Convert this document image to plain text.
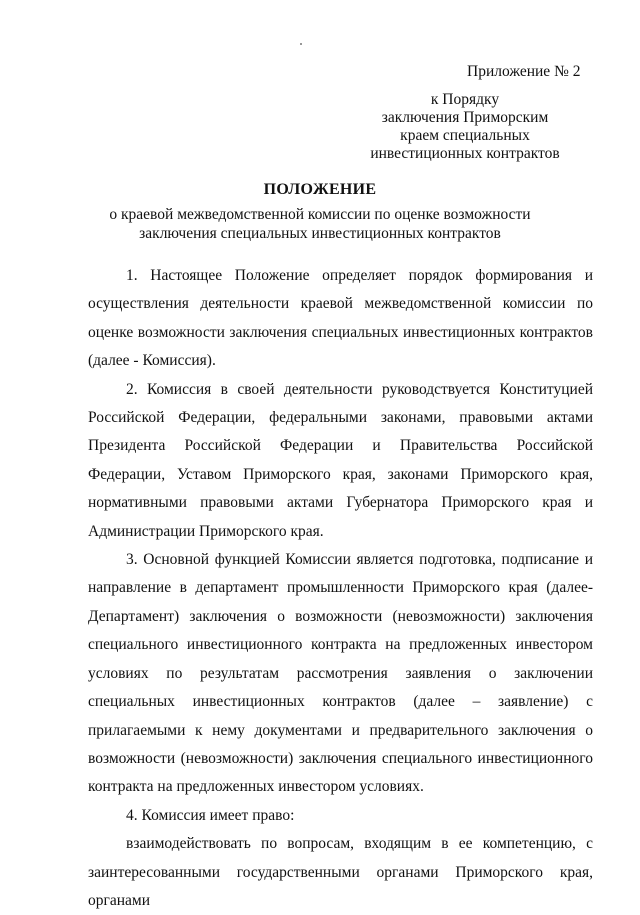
Приложение № 2
к Порядку
заключения Приморским
краем специальных
инвестиционных контрактов
ПОЛОЖЕНИЕ
о краевой межведомственной комиссии по оценке возможности
заключения специальных инвестиционных контрактов

1. Настоящее Положение определяет порядок формирования и осуществления деятельности краевой межведомственной комиссии по оценке возможности заключения специальных инвестиционных контрактов (далее - Комиссия).

2. Комиссия в своей деятельности руководствуется Конституцией Российской Федерации, федеральными законами, правовыми актами Президента Российской Федерации и Правительства Российской Федерации, Уставом Приморского края, законами Приморского края, нормативными правовыми актами Губернатора Приморского края и Администрации Приморского края.

3. Основной функцией Комиссии является подготовка, подписание и направление в департамент промышленности Приморского края (далее-Департамент) заключения о возможности (невозможности) заключения специального инвестиционного контракта на предложенных инвестором условиях по результатам рассмотрения заявления о заключении специальных инвестиционных контрактов (далее – заявление) с прилагаемыми к нему документами и предварительного заключения о возможности (невозможности) заключения специального инвестиционного контракта на предложенных инвестором условиях.

4. Комиссия имеет право:

взаимодействовать по вопросам, входящим в ее компетенцию, с заинтересованными государственными органами Приморского края, органами
